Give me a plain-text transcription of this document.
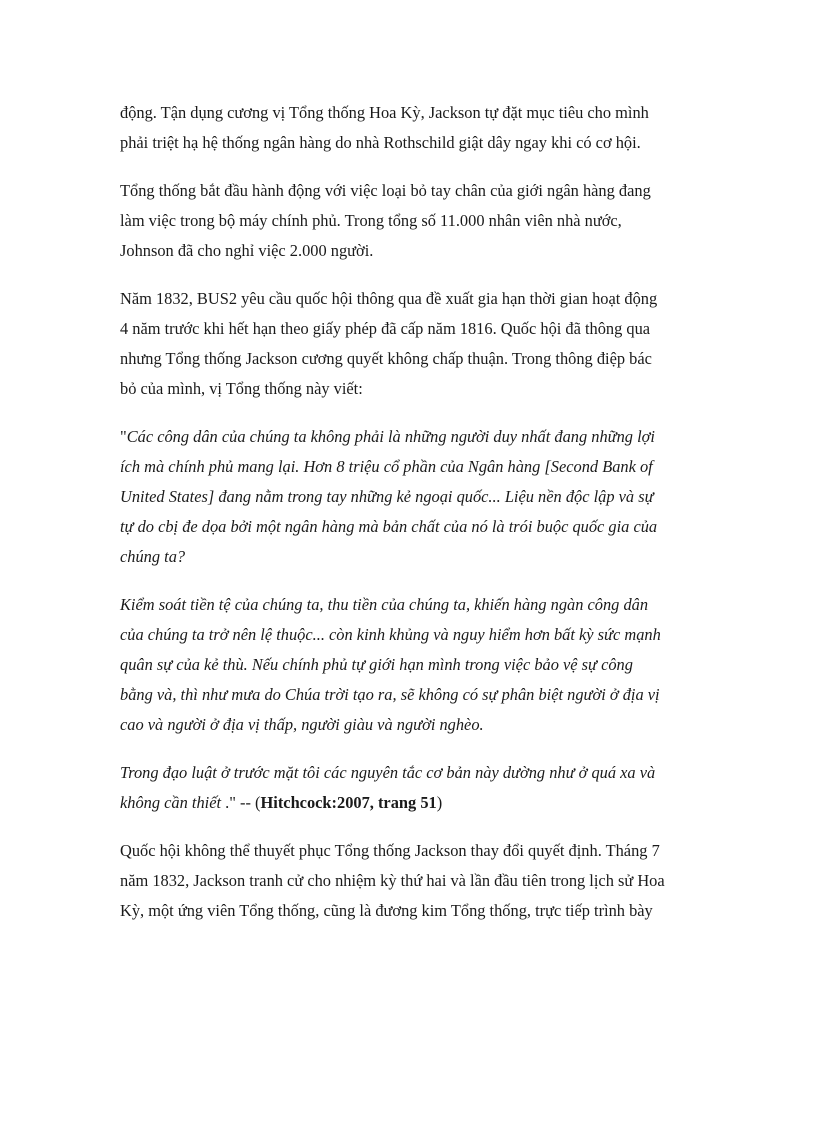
động. Tận dụng cương vị Tổng thống Hoa Kỳ, Jackson tự đặt mục tiêu cho mình
phải triệt hạ hệ thống ngân hàng do nhà Rothschild giật dây ngay khi có cơ hội.

Tổng thống bắt đầu hành động với việc loại bỏ tay chân của giới ngân hàng đang
làm việc trong bộ máy chính phủ. Trong tổng số 11.000 nhân viên nhà nước,
Johnson đã cho nghỉ việc 2.000 người.

Năm 1832, BUS2 yêu cầu quốc hội thông qua đề xuất gia hạn thời gian hoạt động
4 năm trước khi hết hạn theo giấy phép đã cấp năm 1816. Quốc hội đã thông qua
nhưng Tổng thống Jackson cương quyết không chấp thuận. Trong thông điệp bác
bỏ của mình, vị Tổng thống này viết:

"Các công dân của chúng ta không phải là những người duy nhất đang những lợi
ích mà chính phủ mang lại. Hơn 8 triệu cổ phần của Ngân hàng [Second Bank of
United States] đang nằm trong tay những kẻ ngoại quốc... Liệu nền độc lập và sự
tự do cbị đe dọa bởi một ngân hàng mà bản chất của nó là trói buộc quốc gia của
chúng ta?

Kiểm soát tiền tệ của chúng ta, thu tiền của chúng ta, khiến hàng ngàn công dân
của chúng ta trở nên lệ thuộc... còn kinh khủng và nguy hiểm hơn bất kỳ sức mạnh
quân sự của kẻ thù. Nếu chính phủ tự giới hạn mình trong việc bảo vệ sự công
bằng và, thì như mưa do Chúa trời tạo ra, sẽ không có sự phân biệt người ở địa vị
cao và người ở địa vị thấp, người giàu và người nghèo.

Trong đạo luật ở trước mặt tôi các nguyên tắc cơ bản này dường như ở quá xa và
không cần thiết ." -- (Hitchcock:2007, trang 51)

Quốc hội không thể thuyết phục Tổng thống Jackson thay đổi quyết định. Tháng 7
năm 1832, Jackson tranh cử cho nhiệm kỳ thứ hai và lần đầu tiên trong lịch sử Hoa
Kỳ, một ứng viên Tổng thống, cũng là đương kim Tổng thống, trực tiếp trình bày
